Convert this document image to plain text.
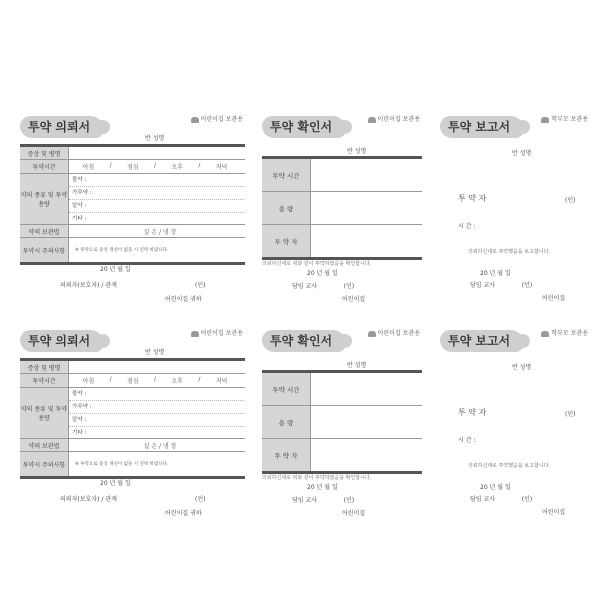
투약 의뢰서
어린이집 보관용
반 성명
증상 및 병명
투약시간	아침	/	점심	/	오후	/	저녁
약의 종류 및 투약 용량
물약 :
가루약 :
알약 :
기타 :
약의 보관법	실 온 / 냉 장
투약시 주의사항	※ 투약으로 증상 개선이 없을 시 연락 바랍니다.
20 년 월 일
의뢰자(보호자) / 관계	(인)
어린이집 귀하
투약 확인서
어린이집 보관용
반 성명
투약 시간
용 량
투 약 자
의뢰하신대로 위와 같이 투약하였음을 확인합니다.
20 년 월 일
담임 교사	(인)
어린이집
투약 보고서
학부모 보관용
반 성명
투 약 자	(인)
시 간 :
의뢰하신대로 투약했음을 보고합니다.
20 년 월 일
담임 교사	(인)
어린이집
투약 의뢰서
어린이집 보관용
반 성명
증상 및 병명
투약시간	아침	/	점심	/	오후	/	저녁
약의 종류 및 투약 용량
물약 :
가루약 :
알약 :
기타 :
약의 보관법	실 온 / 냉 장
투약시 주의사항	※ 투약으로 증상 개선이 없을 시 연락 바랍니다.
20 년 월 일
의뢰자(보호자) / 관계	(인)
어린이집 귀하
투약 확인서
어린이집 보관용
반 성명
투약 시간
용 량
투 약 자
의뢰하신대로 위와 같이 투약하였음을 확인합니다.
20 년 월 일
담임 교사	(인)
어린이집
투약 보고서
학부모 보관용
반 성명
투 약 자	(인)
시 간 :
의뢰하신대로 투약했음을 보고합니다.
20 년 월 일
담임 교사	(인)
어린이집
